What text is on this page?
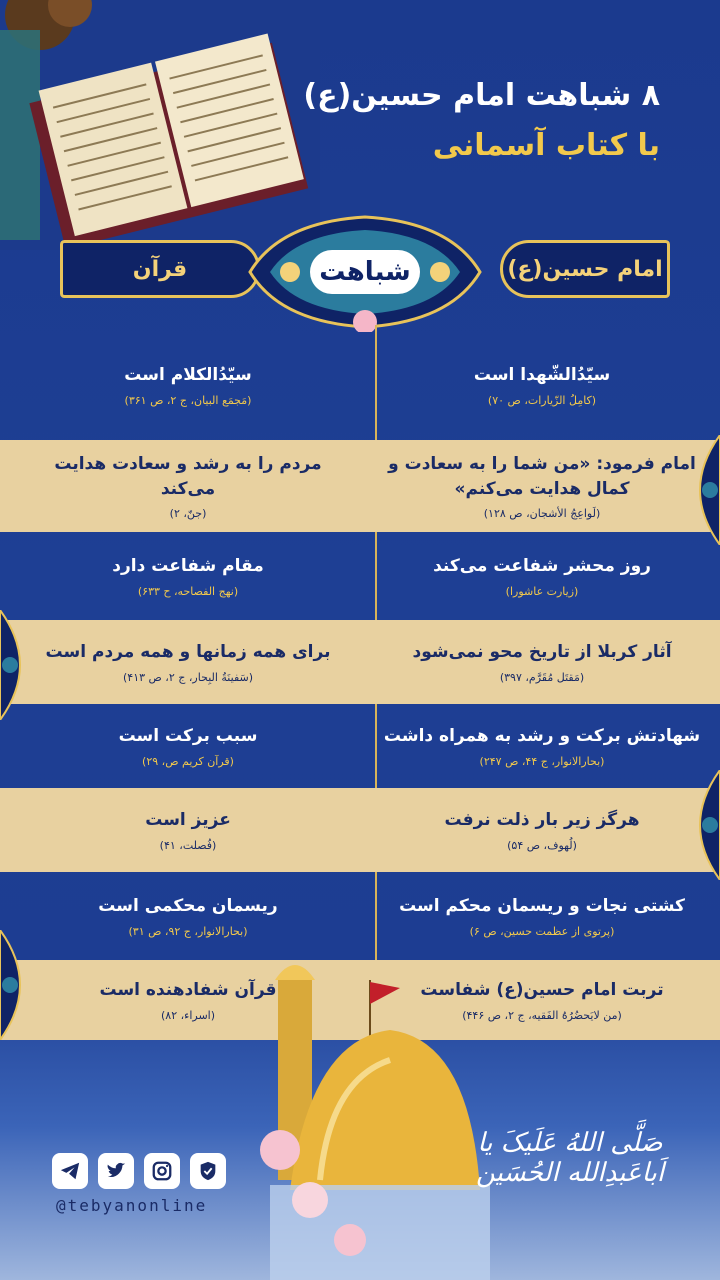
۸ شباهت امام حسین(ع)
با کتاب آسمانی
قرآن	امام حسین(ع)
شباهت
سیّدُالشّهدا است
(کامِلُ الزّیارات، ص ۷۰)
سیّدُالکلام است
(مَجمَع البیان، ج ۲، ص ۳۶۱)
امام فرمود: «من شما را به سعادت و کمال هدایت می‌کنم»
(لَواعِجُ الأشجان، ص ۱۲۸)
مردم را به رشد و سعادت هدایت می‌کند
(جنّ، ۲)
روز محشر شفاعت می‌کند
(زیارت عاشورا)
مقام شفاعت دارد
(نهج الفصاحه، ح ۶۳۳)
آثار کربلا از تاریخ محو نمی‌شود
(مَقتَل مُقَرَّم، ۳۹۷)
برای همه زمانها و همه مردم است
(سَفینَةُ البِحار، ج ۲، ص ۴۱۳)
شهادتش برکت و رشد به همراه داشت
(بحارالانوار، ج ۴۴، ص ۲۴۷)
سبب برکت است
(قرآن کریم ص، ۲۹)
هرگز زیر بار ذلت نرفت
(لُهوف، ص ۵۴)
عزیز است
(فُصلت، ۴۱)
کشتی نجات و ریسمان محکم است
(پرتوی از عظمت حسین، ص ۶)
ریسمان محکمی است
(بحارالانوار، ج ۹۲، ص ۳۱)
تربت امام حسین(ع) شفاست
(من لایَحضُرُهُ الفَقیه، ج ۲، ص ۴۴۶)
قرآن شفادهنده است
(اسراء، ۸۲)
@tebyanonline
صَلَّی اللهُ عَلَیکَ یا اَباعَبدِالله الحُسَین
